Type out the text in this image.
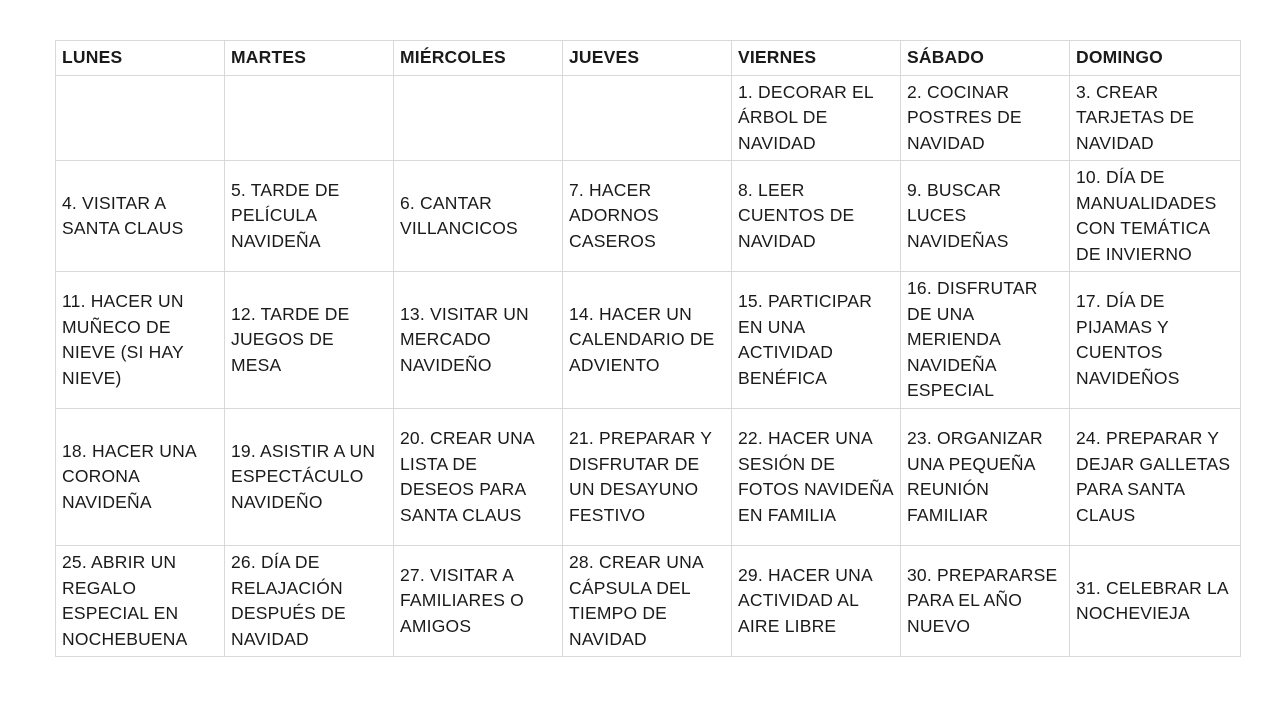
LUNES	MARTES	MIÉRCOLES	JUEVES	VIERNES	SÁBADO	DOMINGO
				1. DECORAR EL ÁRBOL DE NAVIDAD	2. COCINAR POSTRES DE NAVIDAD	3. CREAR TARJETAS DE NAVIDAD
4. VISITAR A SANTA CLAUS	5. TARDE DE PELÍCULA NAVIDEÑA	6. CANTAR VILLANCICOS	7. HACER ADORNOS CASEROS	8. LEER CUENTOS DE NAVIDAD	9. BUSCAR LUCES NAVIDEÑAS	10. DÍA DE MANUALIDADES CON TEMÁTICA DE INVIERNO
11. HACER UN MUÑECO DE NIEVE (SI HAY NIEVE)	12. TARDE DE JUEGOS DE MESA	13. VISITAR UN MERCADO NAVIDEÑO	14. HACER UN CALENDARIO DE ADVIENTO	15. PARTICIPAR EN UNA ACTIVIDAD BENÉFICA	16. DISFRUTAR DE UNA MERIENDA NAVIDEÑA ESPECIAL	17. DÍA DE PIJAMAS Y CUENTOS NAVIDEÑOS
18. HACER UNA CORONA NAVIDEÑA	19. ASISTIR A UN ESPECTÁCULO NAVIDEÑO	20. CREAR UNA LISTA DE DESEOS PARA SANTA CLAUS	21. PREPARAR Y DISFRUTAR DE UN DESAYUNO FESTIVO	22. HACER UNA SESIÓN DE FOTOS NAVIDEÑA EN FAMILIA	23. ORGANIZAR UNA PEQUEÑA REUNIÓN FAMILIAR	24. PREPARAR Y DEJAR GALLETAS PARA SANTA CLAUS
25. ABRIR UN REGALO ESPECIAL EN NOCHEBUENA	26. DÍA DE RELAJACIÓN DESPUÉS DE NAVIDAD	27. VISITAR A FAMILIARES O AMIGOS	28. CREAR UNA CÁPSULA DEL TIEMPO DE NAVIDAD	29. HACER UNA ACTIVIDAD AL AIRE LIBRE	30. PREPARARSE PARA EL AÑO NUEVO	31. CELEBRAR LA NOCHEVIEJA
